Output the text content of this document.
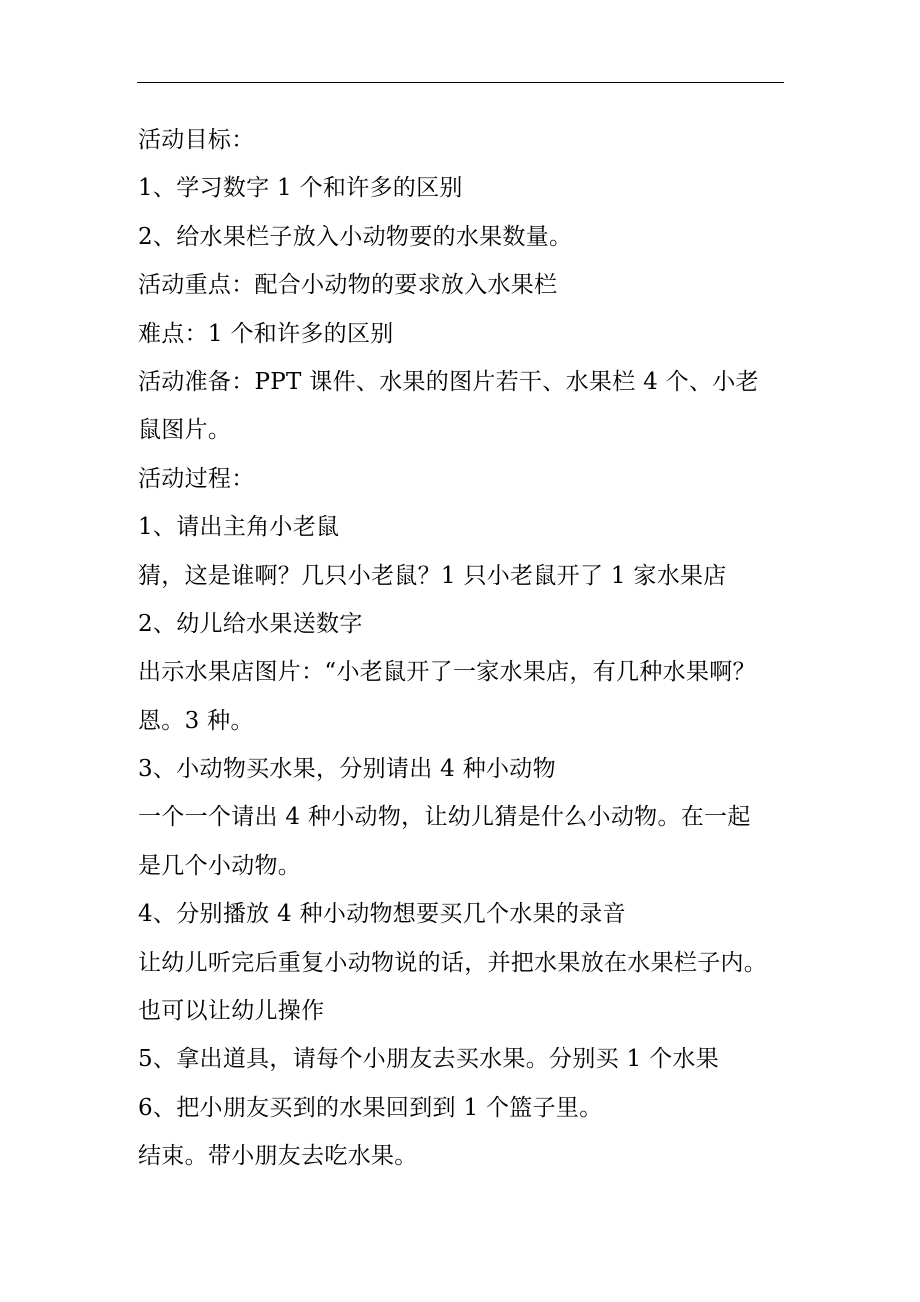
活动目标：
1、学习数字 1 个和许多的区别
2、给水果栏子放入小动物要的水果数量。
活动重点：配合小动物的要求放入水果栏
难点：1 个和许多的区别
活动准备：PPT 课件、水果的图片若干、水果栏 4 个、小老
鼠图片。
活动过程：
1、请出主角小老鼠
猜，这是谁啊？几只小老鼠？1 只小老鼠开了 1 家水果店
2、幼儿给水果送数字
出示水果店图片：“小老鼠开了一家水果店，有几种水果啊？
恩。3 种。
3、小动物买水果，分别请出 4 种小动物
一个一个请出 4 种小动物，让幼儿猜是什么小动物。在一起
是几个小动物。
4、分别播放 4 种小动物想要买几个水果的录音
让幼儿听完后重复小动物说的话，并把水果放在水果栏子内。
也可以让幼儿操作
5、拿出道具，请每个小朋友去买水果。分别买 1 个水果
6、把小朋友买到的水果回到到 1 个篮子里。
结束。带小朋友去吃水果。
